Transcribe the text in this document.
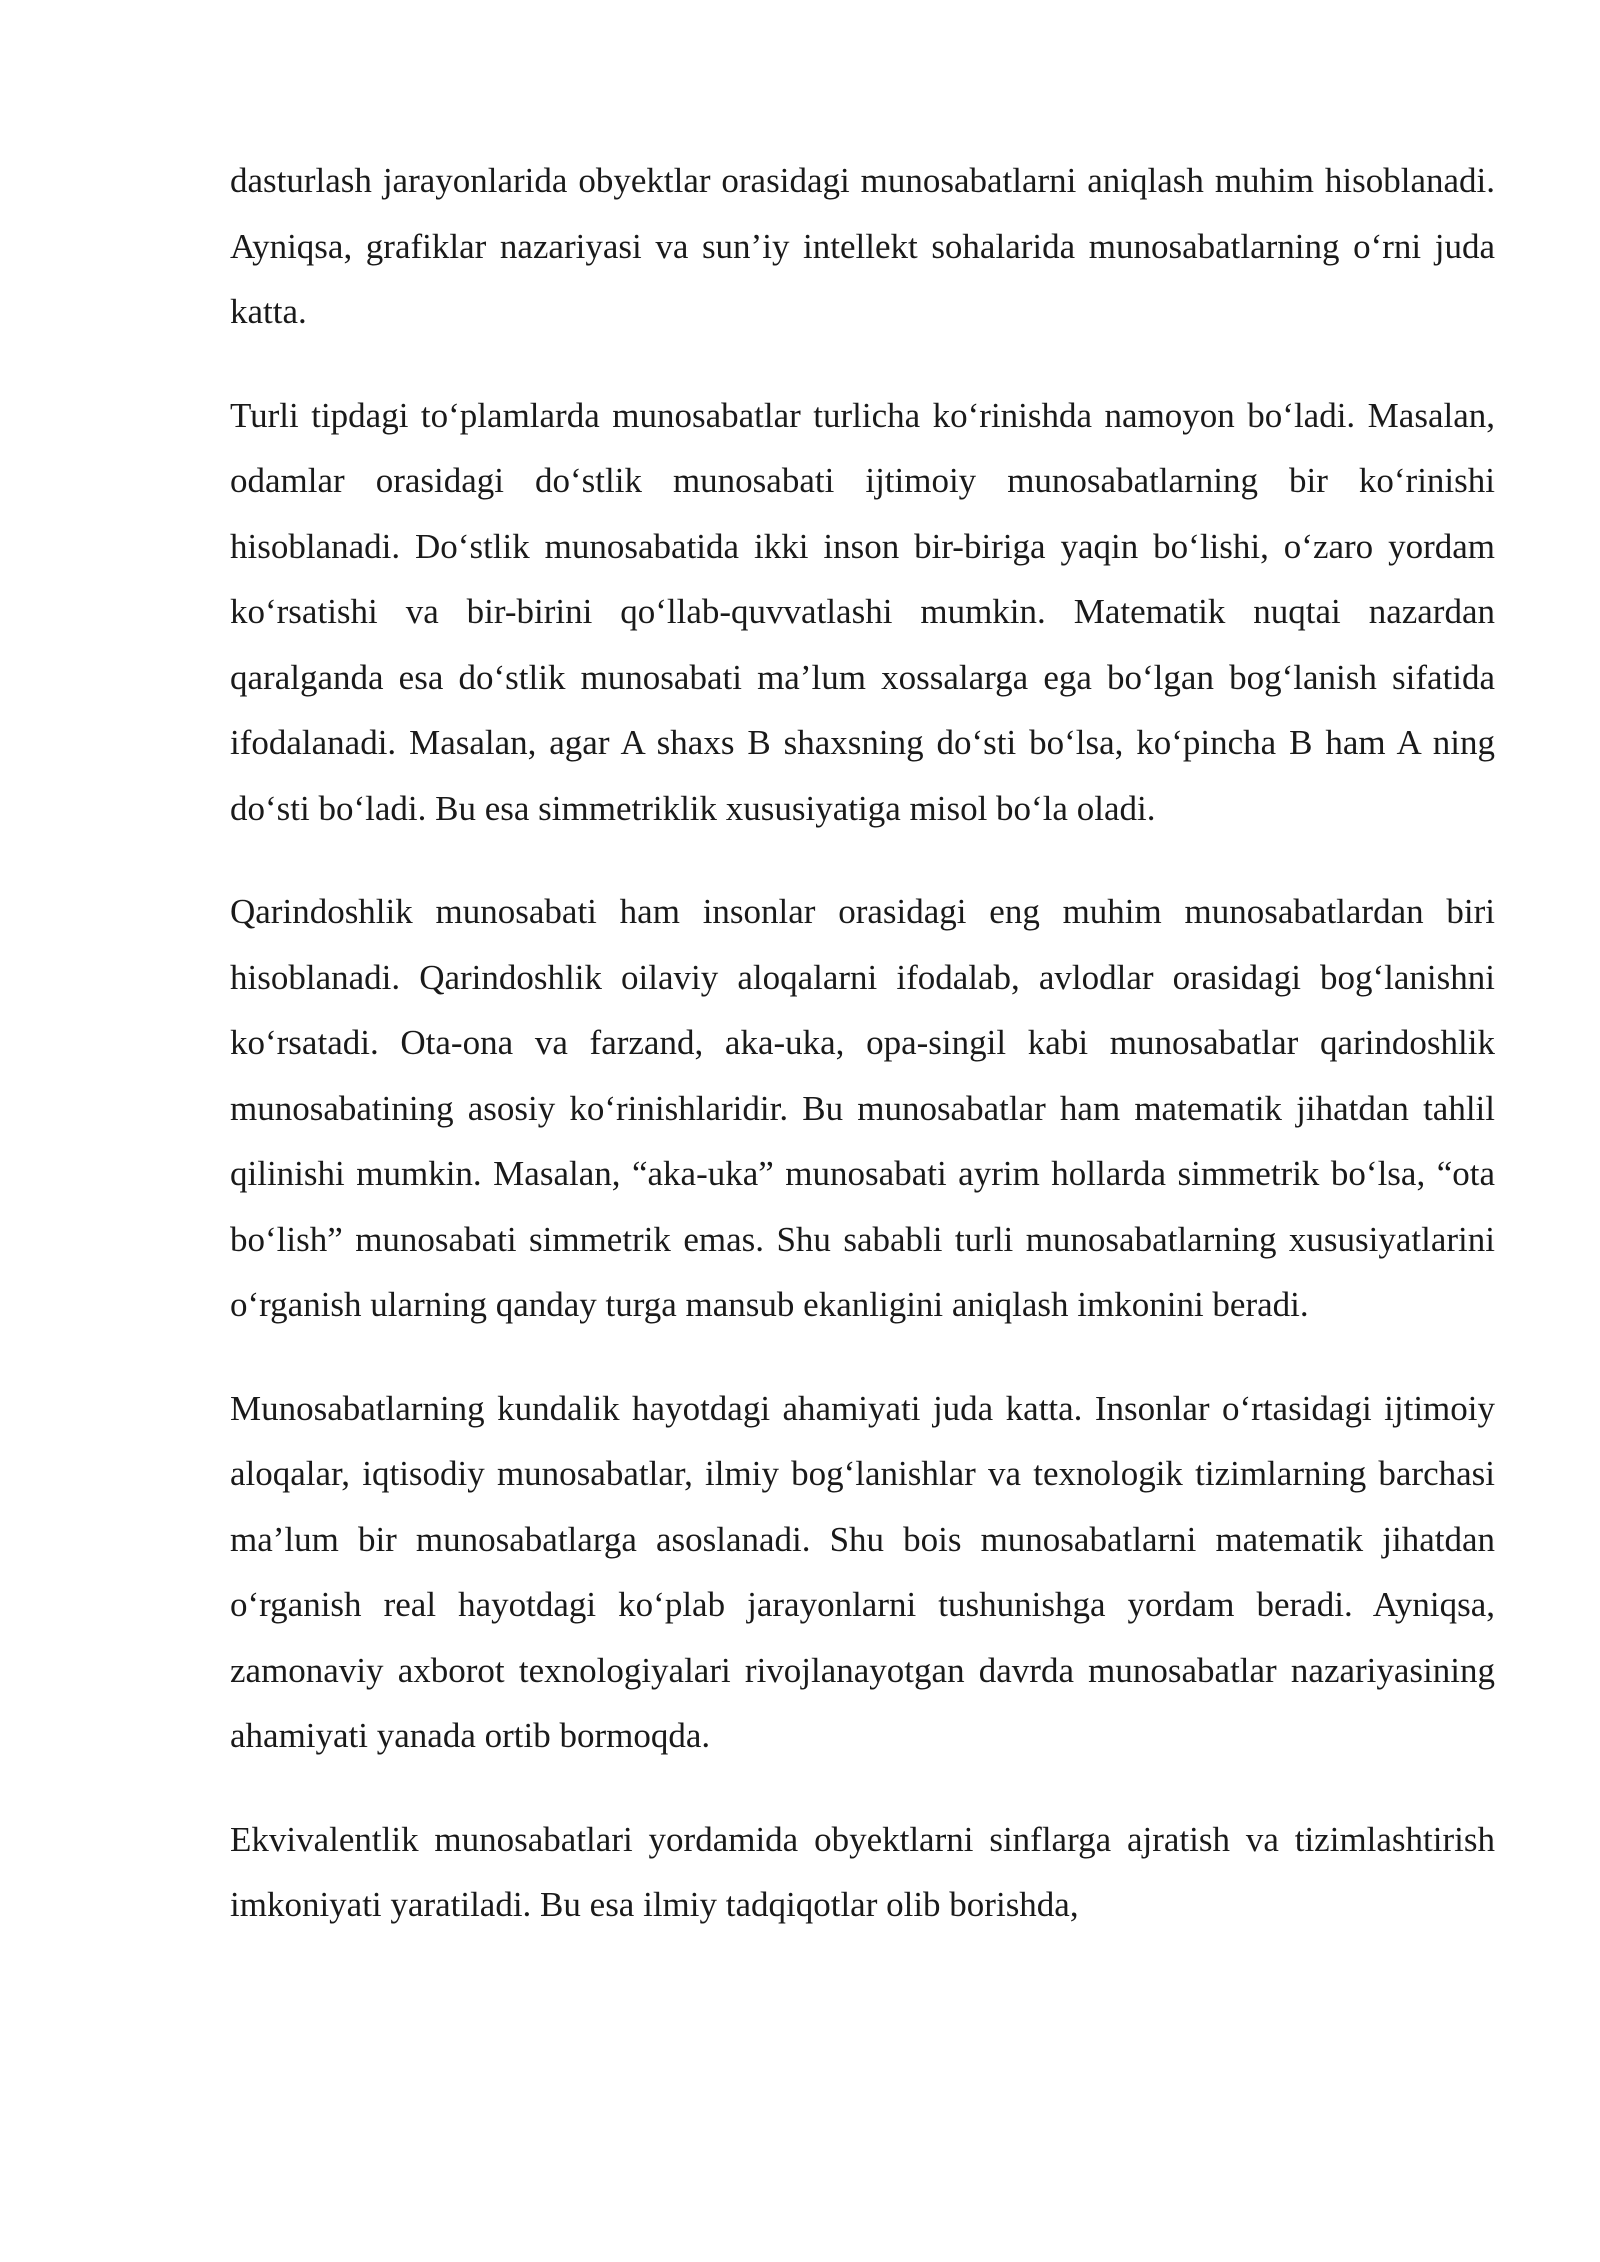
dasturlash jarayonlarida obyektlar orasidagi munosabatlarni aniqlash muhim hisoblanadi. Ayniqsa, grafiklar nazariyasi va sun’iy intellekt sohalarida munosabatlarning o‘rni juda katta.

Turli tipdagi to‘plamlarda munosabatlar turlicha ko‘rinishda namoyon bo‘ladi. Masalan, odamlar orasidagi do‘stlik munosabati ijtimoiy munosabatlarning bir ko‘rinishi hisoblanadi. Do‘stlik munosabatida ikki inson bir-biriga yaqin bo‘lishi, o‘zaro yordam ko‘rsatishi va bir-birini qo‘llab-quvvatlashi mumkin. Matematik nuqtai nazardan qaralganda esa do‘stlik munosabati ma’lum xossalarga ega bo‘lgan bog‘lanish sifatida ifodalanadi. Masalan, agar A shaxs B shaxsning do‘sti bo‘lsa, ko‘pincha B ham A ning do‘sti bo‘ladi. Bu esa simmetriklik xususiyatiga misol bo‘la oladi.

Qarindoshlik munosabati ham insonlar orasidagi eng muhim munosabatlardan biri hisoblanadi. Qarindoshlik oilaviy aloqalarni ifodalab, avlodlar orasidagi bog‘lanishni ko‘rsatadi. Ota-ona va farzand, aka-uka, opa-singil kabi munosabatlar qarindoshlik munosabatining asosiy ko‘rinishlaridir. Bu munosabatlar ham matematik jihatdan tahlil qilinishi mumkin. Masalan, “aka-uka” munosabati ayrim hollarda simmetrik bo‘lsa, “ota bo‘lish” munosabati simmetrik emas. Shu sababli turli munosabatlarning xususiyatlarini o‘rganish ularning qanday turga mansub ekanligini aniqlash imkonini beradi.

Munosabatlarning kundalik hayotdagi ahamiyati juda katta. Insonlar o‘rtasidagi ijtimoiy aloqalar, iqtisodiy munosabatlar, ilmiy bog‘lanishlar va texnologik tizimlarning barchasi ma’lum bir munosabatlarga asoslanadi. Shu bois munosabatlarni matematik jihatdan o‘rganish real hayotdagi ko‘plab jarayonlarni tushunishga yordam beradi. Ayniqsa, zamonaviy axborot texnologiyalari rivojlanayotgan davrda munosabatlar nazariyasining ahamiyati yanada ortib bormoqda.

Ekvivalentlik munosabatlari yordamida obyektlarni sinflarga ajratish va tizimlashtirish imkoniyati yaratiladi. Bu esa ilmiy tadqiqotlar olib borishda,
